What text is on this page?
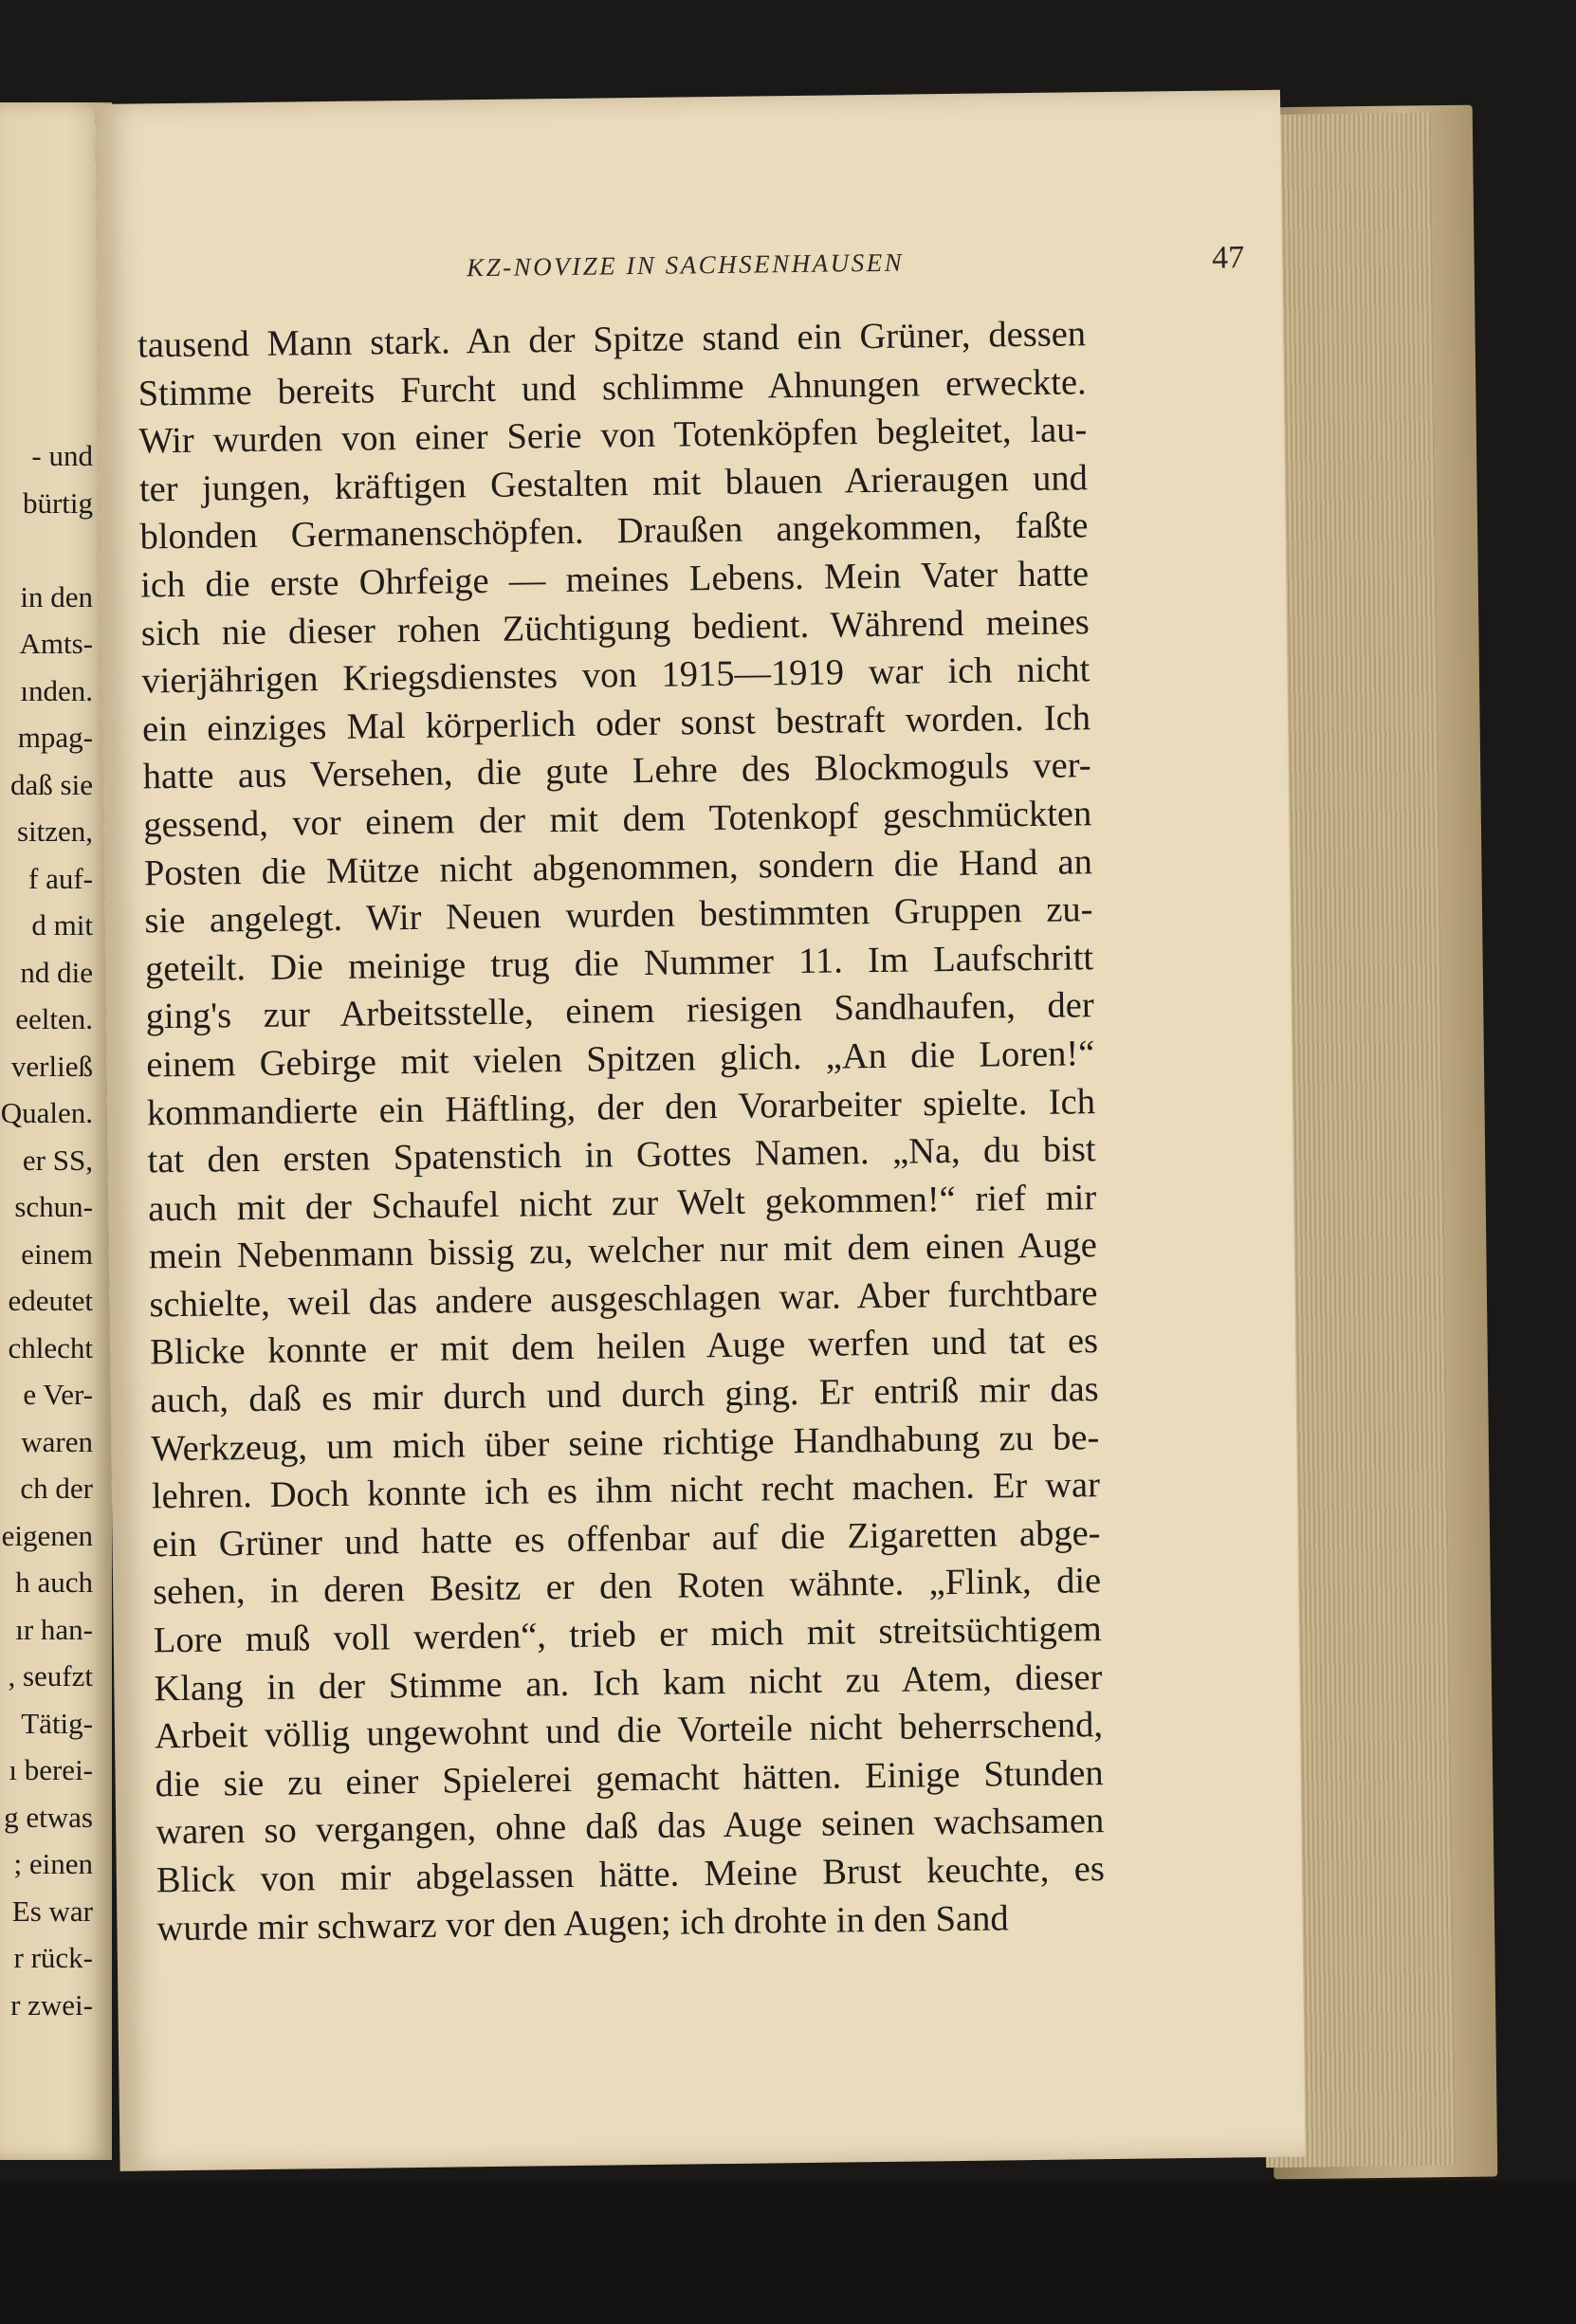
- und
bürtig
in den
Amts-
ınden.
mpag-
daß sie
sitzen,
f auf-
d mit
nd die
eelten.
verließ
Qualen.
er SS,
schun-
einem
edeutet
chlecht
e Ver-
waren
ch der
eigenen
h auch
ır han-
, seufzt
Tätig-
ı berei-
g etwas
; einen
Es war
r rück-
r zwei-
KZ-NOVIZE IN SACHSENHAUSEN	47
tausend Mann stark. An der Spitze stand ein Grüner, dessen
Stimme bereits Furcht und schlimme Ahnungen erweckte.
Wir wurden von einer Serie von Totenköpfen begleitet, lau-
ter jungen, kräftigen Gestalten mit blauen Arieraugen und
blonden Germanenschöpfen. Draußen angekommen, faßte
ich die erste Ohrfeige — meines Lebens. Mein Vater hatte
sich nie dieser rohen Züchtigung bedient. Während meines
vierjährigen Kriegsdienstes von 1915—1919 war ich nicht
ein einziges Mal körperlich oder sonst bestraft worden. Ich
hatte aus Versehen, die gute Lehre des Blockmoguls ver-
gessend, vor einem der mit dem Totenkopf geschmückten
Posten die Mütze nicht abgenommen, sondern die Hand an
sie angelegt. Wir Neuen wurden bestimmten Gruppen zu-
geteilt. Die meinige trug die Nummer 11. Im Laufschritt
ging's zur Arbeitsstelle, einem riesigen Sandhaufen, der
einem Gebirge mit vielen Spitzen glich. „An die Loren!“
kommandierte ein Häftling, der den Vorarbeiter spielte. Ich
tat den ersten Spatenstich in Gottes Namen. „Na, du bist
auch mit der Schaufel nicht zur Welt gekommen!“ rief mir
mein Nebenmann bissig zu, welcher nur mit dem einen Auge
schielte, weil das andere ausgeschlagen war. Aber furchtbare
Blicke konnte er mit dem heilen Auge werfen und tat es
auch, daß es mir durch und durch ging. Er entriß mir das
Werkzeug, um mich über seine richtige Handhabung zu be-
lehren. Doch konnte ich es ihm nicht recht machen. Er war
ein Grüner und hatte es offenbar auf die Zigaretten abge-
sehen, in deren Besitz er den Roten wähnte. „Flink, die
Lore muß voll werden“, trieb er mich mit streitsüchtigem
Klang in der Stimme an. Ich kam nicht zu Atem, dieser
Arbeit völlig ungewohnt und die Vorteile nicht beherrschend,
die sie zu einer Spielerei gemacht hätten. Einige Stunden
waren so vergangen, ohne daß das Auge seinen wachsamen
Blick von mir abgelassen hätte. Meine Brust keuchte, es
wurde mir schwarz vor den Augen; ich drohte in den Sand
